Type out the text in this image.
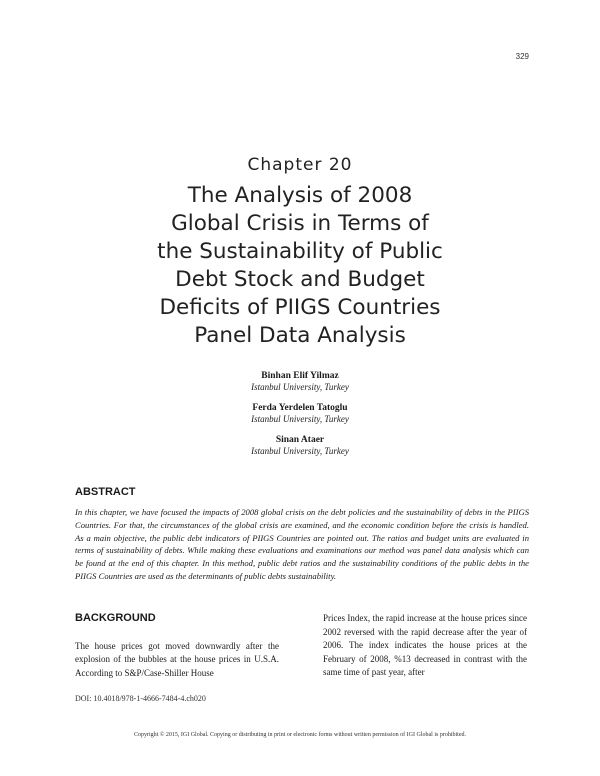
329
Chapter 20
The Analysis of 2008
Global Crisis in Terms of
the Sustainability of Public
Debt Stock and Budget
Deficits of PIIGS Countries
Panel Data Analysis
Binhan Elif Yilmaz
Istanbul University, Turkey
Ferda Yerdelen Tatoglu
Istanbul University, Turkey
Sinan Ataer
Istanbul University, Turkey
ABSTRACT

In this chapter, we have focused the impacts of 2008 global crisis on the debt policies and the sustainability of debts in the PIIGS Countries. For that, the circumstances of the global crisis are examined, and the economic condition before the crisis is handled. As a main objective, the public debt indicators of PIIGS Countries are pointed out. The ratios and budget units are evaluated in terms of sustainability of debts. While making these evaluations and examinations our method was panel data analysis which can be found at the end of this chapter. In this method, public debt ratios and the sustainability conditions of the public debts in the PIIGS Countries are used as the determinants of public debts sustainability.

BACKGROUND

The house prices got moved downwardly after the explosion of the bubbles at the house prices in U.S.A. According to S&P/Case-Shiller House

Prices Index, the rapid increase at the house prices since 2002 reversed with the rapid decrease after the year of 2006. The index indicates the house prices at the February of 2008, %13 decreased in contrast with the same time of past year, after

DOI: 10.4018/978-1-4666-7484-4.ch020
Copyright © 2015, IGI Global. Copying or distributing in print or electronic forms without written permission of IGI Global is prohibited.
